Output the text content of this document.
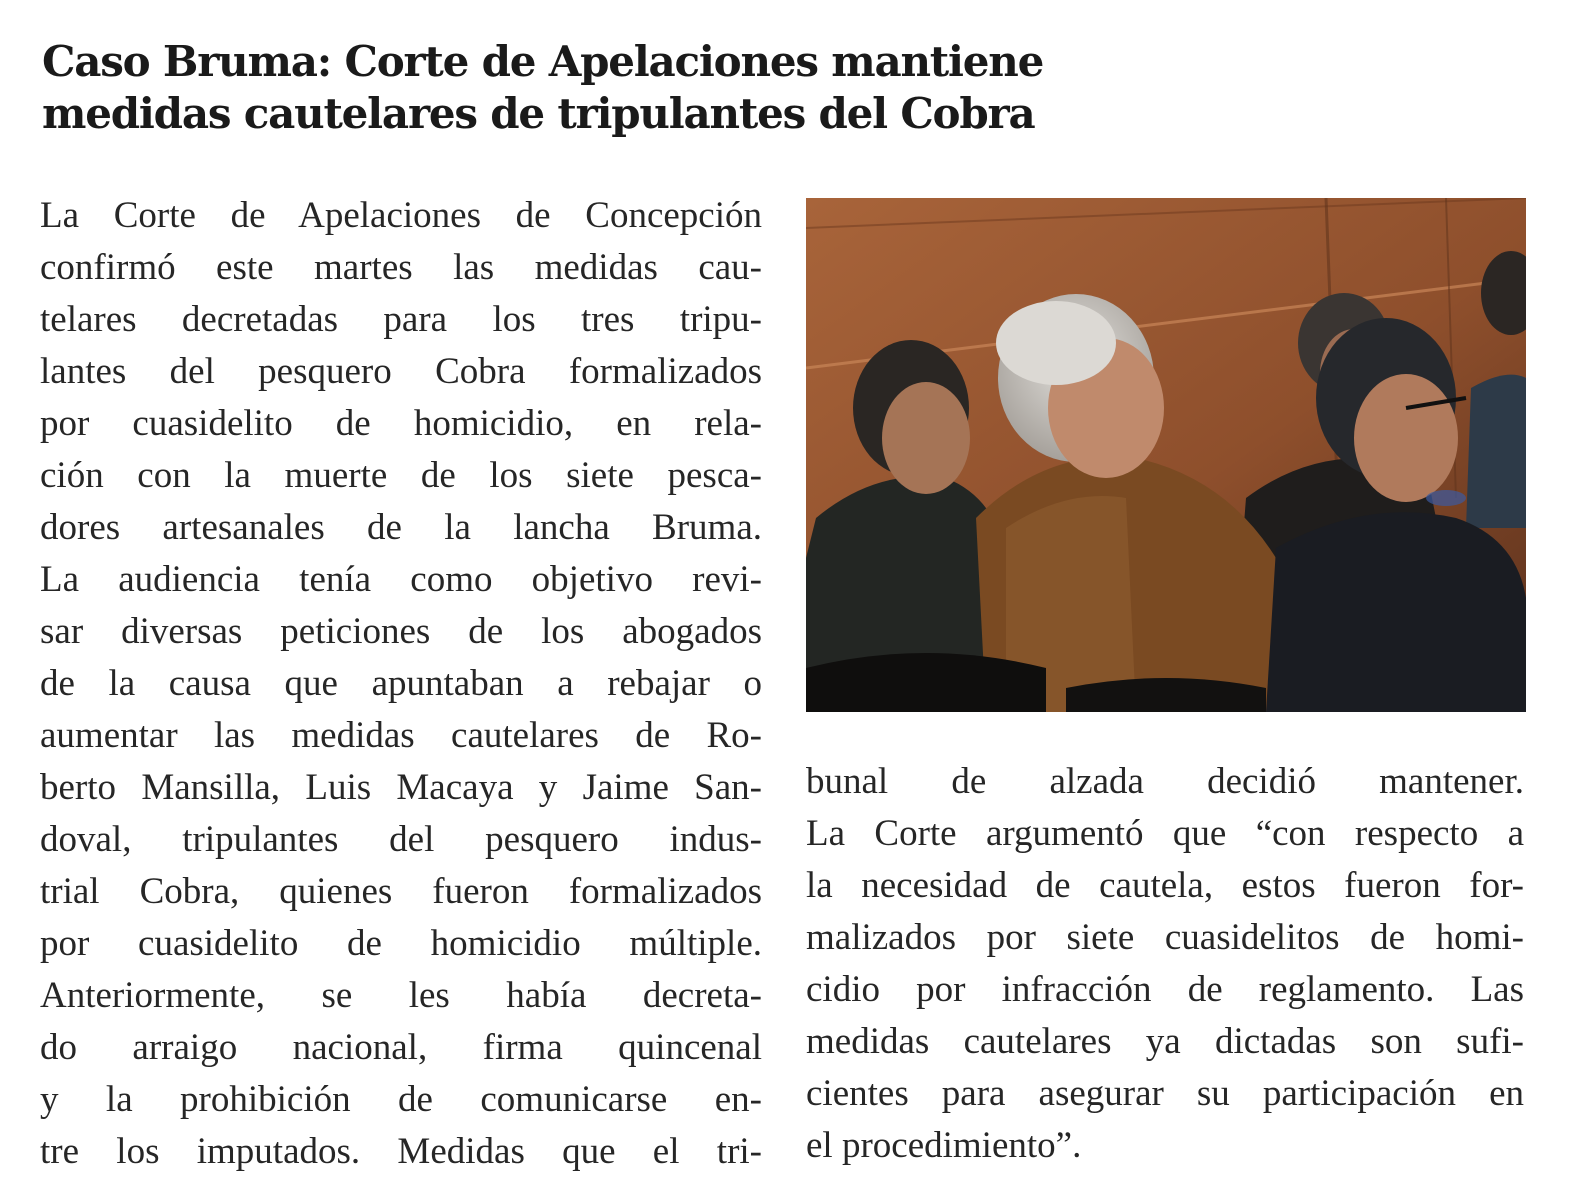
Caso Bruma: Corte de Apelaciones mantiene
medidas cautelares de tripulantes del Cobra
La Corte de Apelaciones de Concepción
confirmó este martes las medidas cau-
telares decretadas para los tres tripu-
lantes del pesquero Cobra formalizados
por cuasidelito de homicidio, en rela-
ción con la muerte de los siete pesca-
dores artesanales de la lancha Bruma.
La audiencia tenía como objetivo revi-
sar diversas peticiones de los abogados
de la causa que apuntaban a rebajar o
aumentar las medidas cautelares de Ro-
berto Mansilla, Luis Macaya y Jaime San-
doval, tripulantes del pesquero indus-
trial Cobra, quienes fueron formalizados
por cuasidelito de homicidio múltiple.
Anteriormente, se les había decreta-
do arraigo nacional, firma quincenal
y la prohibición de comunicarse en-
tre los imputados. Medidas que el tri-
bunal de alzada decidió mantener.
La Corte argumentó que “con respecto a
la necesidad de cautela, estos fueron for-
malizados por siete cuasidelitos de homi-
cidio por infracción de reglamento. Las
medidas cautelares ya dictadas son sufi-
cientes para asegurar su participación en
el procedimiento”.
